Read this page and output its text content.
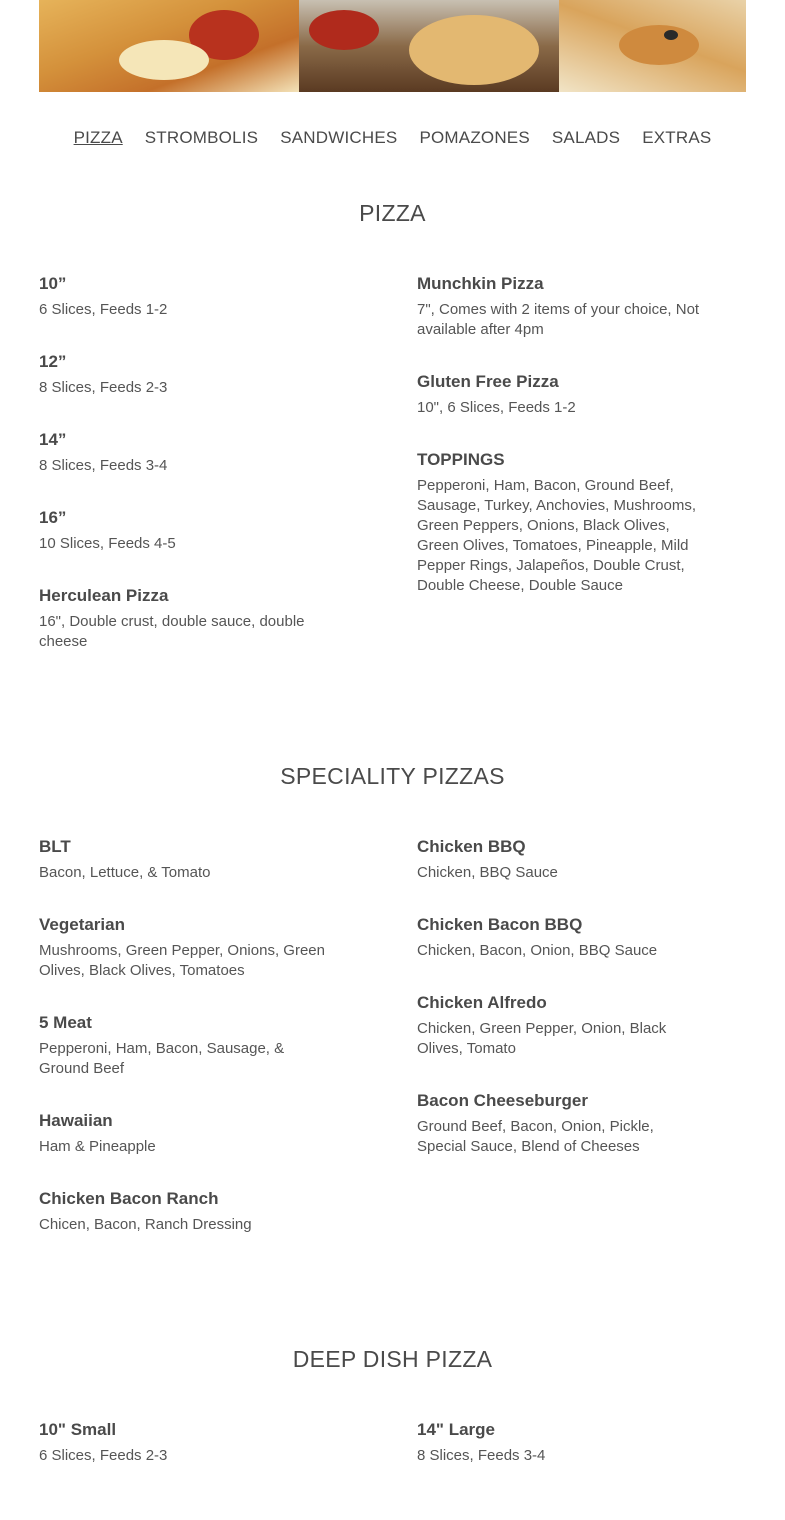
PIZZA STROMBOLIS SANDWICHES POMAZONES SALADS EXTRAS
PIZZA

10”

6 Slices, Feeds 1-2

12”

8 Slices, Feeds 2-3

14”

8 Slices, Feeds 3-4

16”

10 Slices, Feeds 4-5

Herculean Pizza

16", Double crust, double sauce, double cheese

Munchkin Pizza

7", Comes with 2 items of your choice, Not available after 4pm

Gluten Free Pizza

10", 6 Slices, Feeds 1-2

TOPPINGS

Pepperoni, Ham, Bacon, Ground Beef, Sausage, Turkey, Anchovies, Mushrooms, Green Peppers, Onions, Black Olives, Green Olives, Tomatoes, Pineapple, Mild Pepper Rings, Jalapeños, Double Crust, Double Cheese, Double Sauce

SPECIALITY PIZZAS

BLT

Bacon, Lettuce, & Tomato

Vegetarian

Mushrooms, Green Pepper, Onions, Green Olives, Black Olives, Tomatoes

5 Meat

Pepperoni, Ham, Bacon, Sausage, & Ground Beef

Hawaiian

Ham & Pineapple

Chicken Bacon Ranch

Chicen, Bacon, Ranch Dressing

Chicken BBQ

Chicken, BBQ Sauce

Chicken Bacon BBQ

Chicken, Bacon, Onion, BBQ Sauce

Chicken Alfredo

Chicken, Green Pepper, Onion, Black Olives, Tomato

Bacon Cheeseburger

Ground Beef, Bacon, Onion, Pickle, Special Sauce, Blend of Cheeses

DEEP DISH PIZZA

10" Small

6 Slices, Feeds 2-3

14" Large

8 Slices, Feeds 3-4
